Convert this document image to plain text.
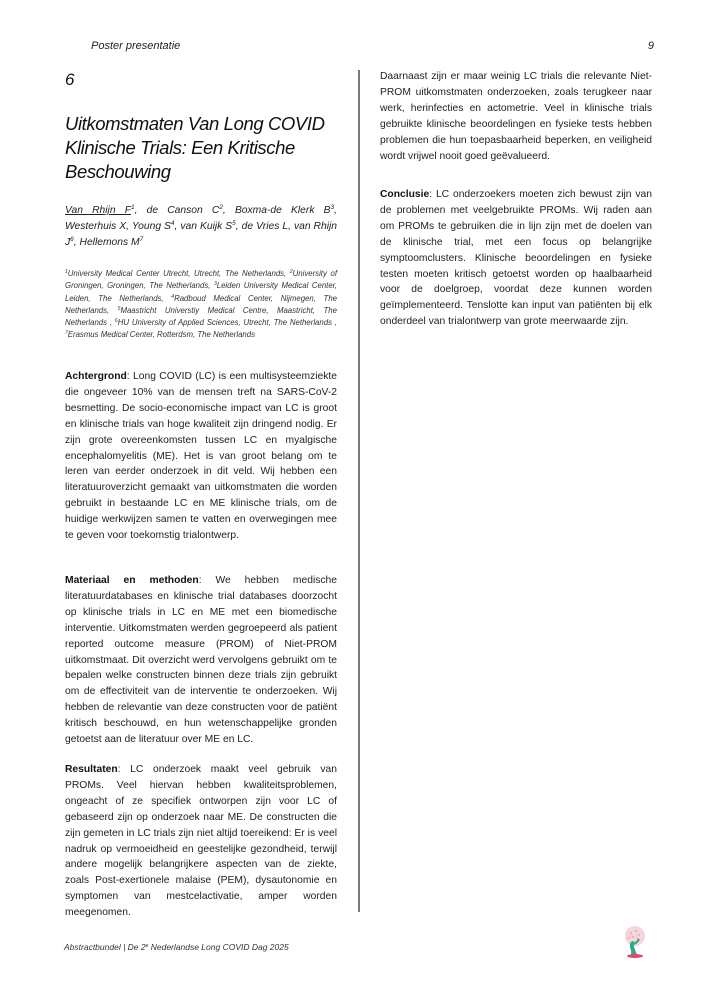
Poster presentatie	9
6
Uitkomstmaten Van Long COVID Klinische Trials: Een Kritische Beschouwing
Van Rhijn $F^1$, de Canson $C^2$, Boxma-de Klerk $B^3$, Westerhuis X, Young $S^4$, van Kuijk $S^5$, de Vries L, van Rhijn $J^6$, Hellemons $M^7$
$^1$University Medical Center Utrecht, Utrecht, The Netherlands, $^2$University of Groningen, Groningen, The Netherlands, $^3$Leiden University Medical Center, Leiden, The Netherlands, $^4$Radboud Medical Center, Nijmegen, The Netherlands, $^5$Maastricht Universtiy Medical Centre, Maastricht, The Netherlands , $^6$HU University of Applied Sciences, Utrecht, The Netherlands , $^7$Erasmus Medical Center, Rotterdsm, The Netherlands

Achtergrond: Long COVID (LC) is een multisysteemziekte die ongeveer 10% van de mensen treft na SARS-CoV-2 besmetting. De socio-economische impact van LC is groot en klinische trials van hoge kwaliteit zijn dringend nodig. Er zijn grote overeenkomsten tussen LC en myalgische encephalomyelitis (ME). Het is van groot belang om te leren van eerder onderzoek in dit veld. Wij hebben een literatuuroverzicht gemaakt van uitkomstmaten die worden gebruikt in bestaande LC en ME klinische trials, om de huidige werkwijzen samen te vatten en overwegingen mee te geven voor toekomstig trialontwerp.

Materiaal en methoden: We hebben medische literatuurdatabases en klinische trial databases doorzocht op klinische trials in LC en ME met een biomedische interventie. Uitkomstmaten werden gegroepeerd als patient reported outcome measure (PROM) of Niet-PROM uitkomstmaat. Dit overzicht werd vervolgens gebruikt om te bepalen welke constructen binnen deze trials zijn gebruikt om de effectiviteit van de interventie te onderzoeken. Wij hebben de relevantie van deze constructen voor de patiënt kritisch beschouwd, en hun wetenschappelijke gronden getoetst aan de literatuur over ME en LC.

Resultaten: LC onderzoek maakt veel gebruik van PROMs. Veel hiervan hebben kwaliteitsproblemen, ongeacht of ze specifiek ontworpen zijn voor LC of gebaseerd zijn op onderzoek naar ME. De constructen die zijn gemeten in LC trials zijn niet altijd toereikend: Er is veel nadruk op vermoeidheid en geestelijke gezondheid, terwijl andere mogelijk belangrijkere aspecten van de ziekte, zoals Post-exertionele malaise (PEM), dysautonomie en symptomen van mestcelactivatie, amper worden meegenomen.

Daarnaast zijn er maar weinig LC trials die relevante Niet-PROM uitkomstmaten onderzoeken, zoals terugkeer naar werk, herinfecties en actometrie. Veel in klinische trials gebruikte klinische beoordelingen en fysieke tests hebben problemen die hun toepasbaarheid beperken, en veiligheid wordt vrijwel nooit goed geëvalueerd.

Conclusie: LC onderzoekers moeten zich bewust zijn van de problemen met veelgebruikte PROMs. Wij raden aan om PROMs te gebruiken die in lijn zijn met de doelen van de klinische trial, met een focus op belangrijke symptoomclusters. Klinische beoordelingen en fysieke testen moeten kritisch getoetst worden op haalbaarheid voor de doelgroep, voordat deze kunnen worden geïmplementeerd. Tenslotte kan input van patiënten bij elk onderdeel van trialontwerp van grote meerwaarde zijn.

Abstractbundel | De 2e Nederlandse Long COVID Dag 2025
